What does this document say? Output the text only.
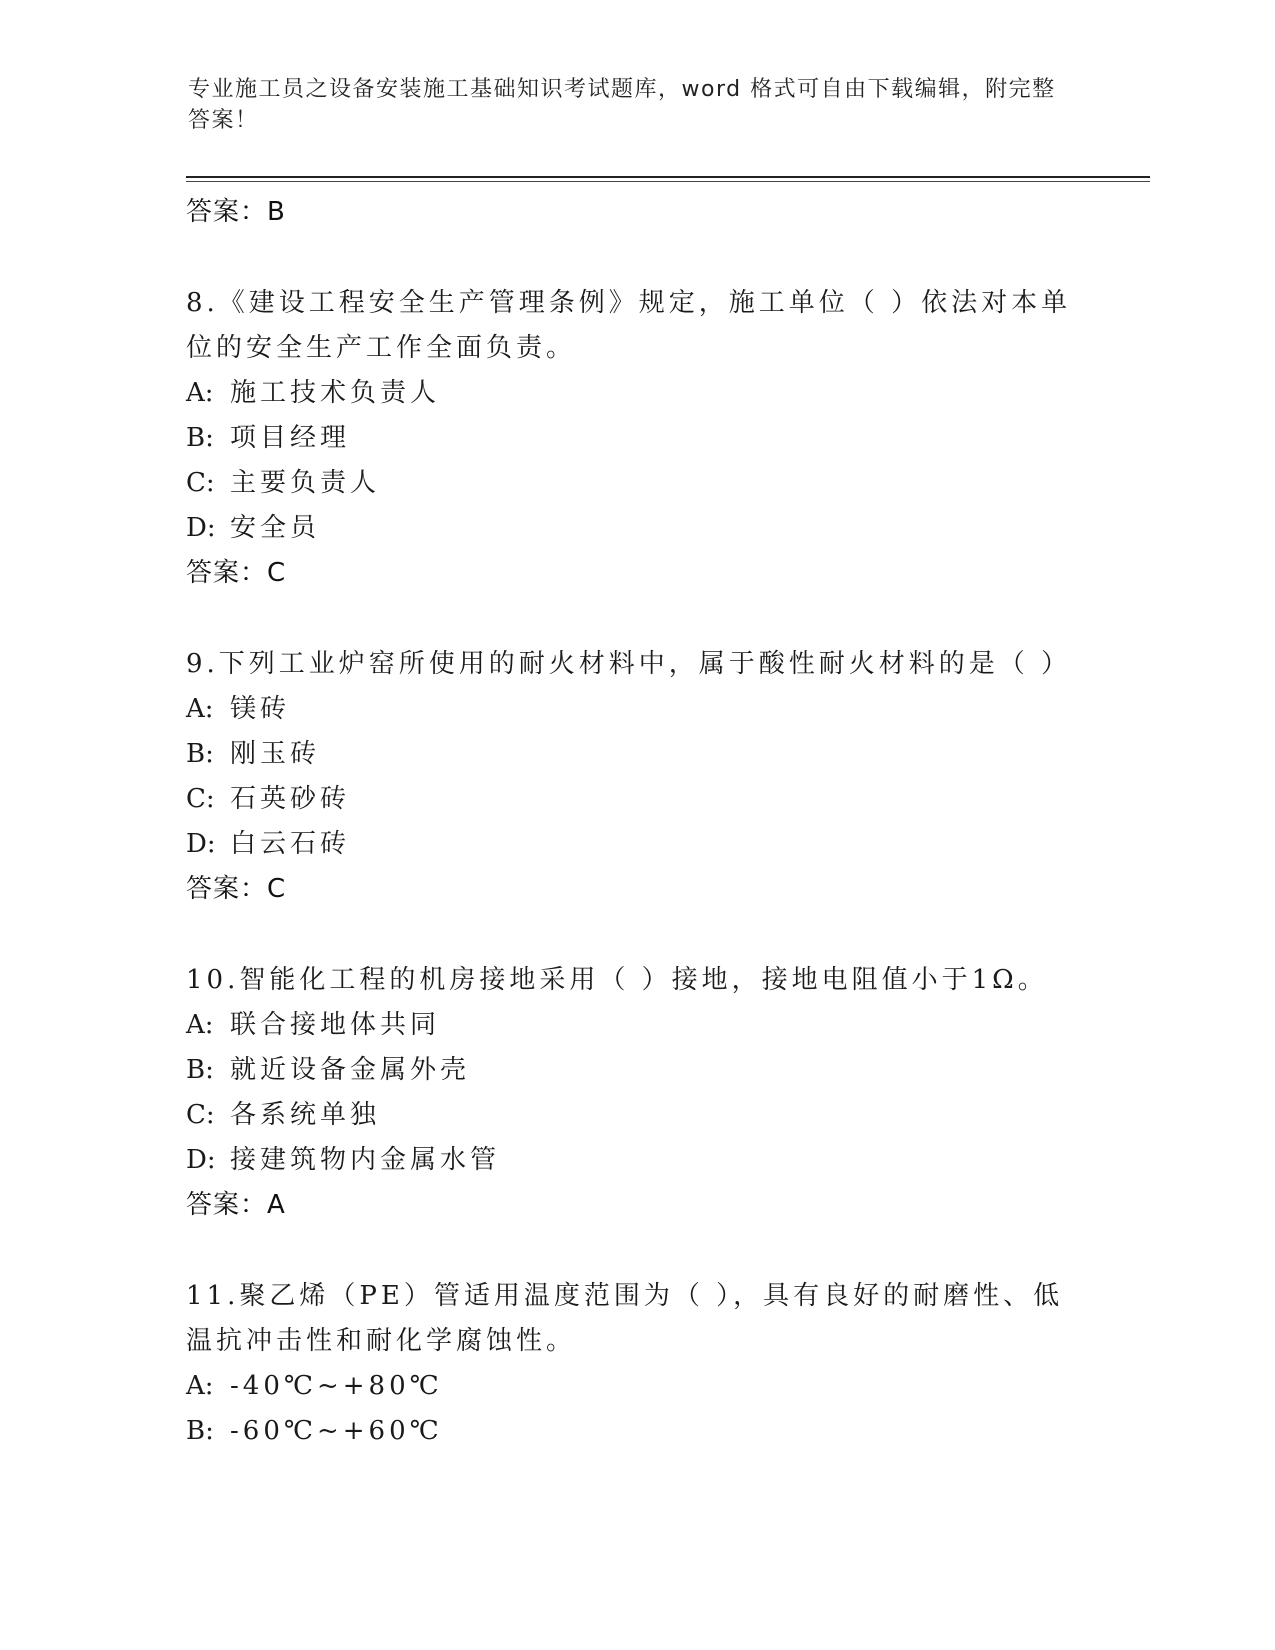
专业施工员之设备安装施工基础知识考试题库，word 格式可自由下载编辑，附完整答案！
答案：B
8.《建设工程安全生产管理条例》规定，施工单位（ ）依法对本单位的安全生产工作全面负责。
A: 施工技术负责人
B: 项目经理
C: 主要负责人
D: 安全员
答案：C
9.下列工业炉窑所使用的耐火材料中，属于酸性耐火材料的是（ ）
A: 镁砖
B: 刚玉砖
C: 石英砂砖
D: 白云石砖
答案：C
10.智能化工程的机房接地采用（ ）接地，接地电阻值小于1Ω。
A: 联合接地体共同
B: 就近设备金属外壳
C: 各系统单独
D: 接建筑物内金属水管
答案：A
11.聚乙烯（PE）管适用温度范围为（ ），具有良好的耐磨性、低温抗冲击性和耐化学腐蚀性。
A: -40℃~+80℃
B: -60℃~+60℃
